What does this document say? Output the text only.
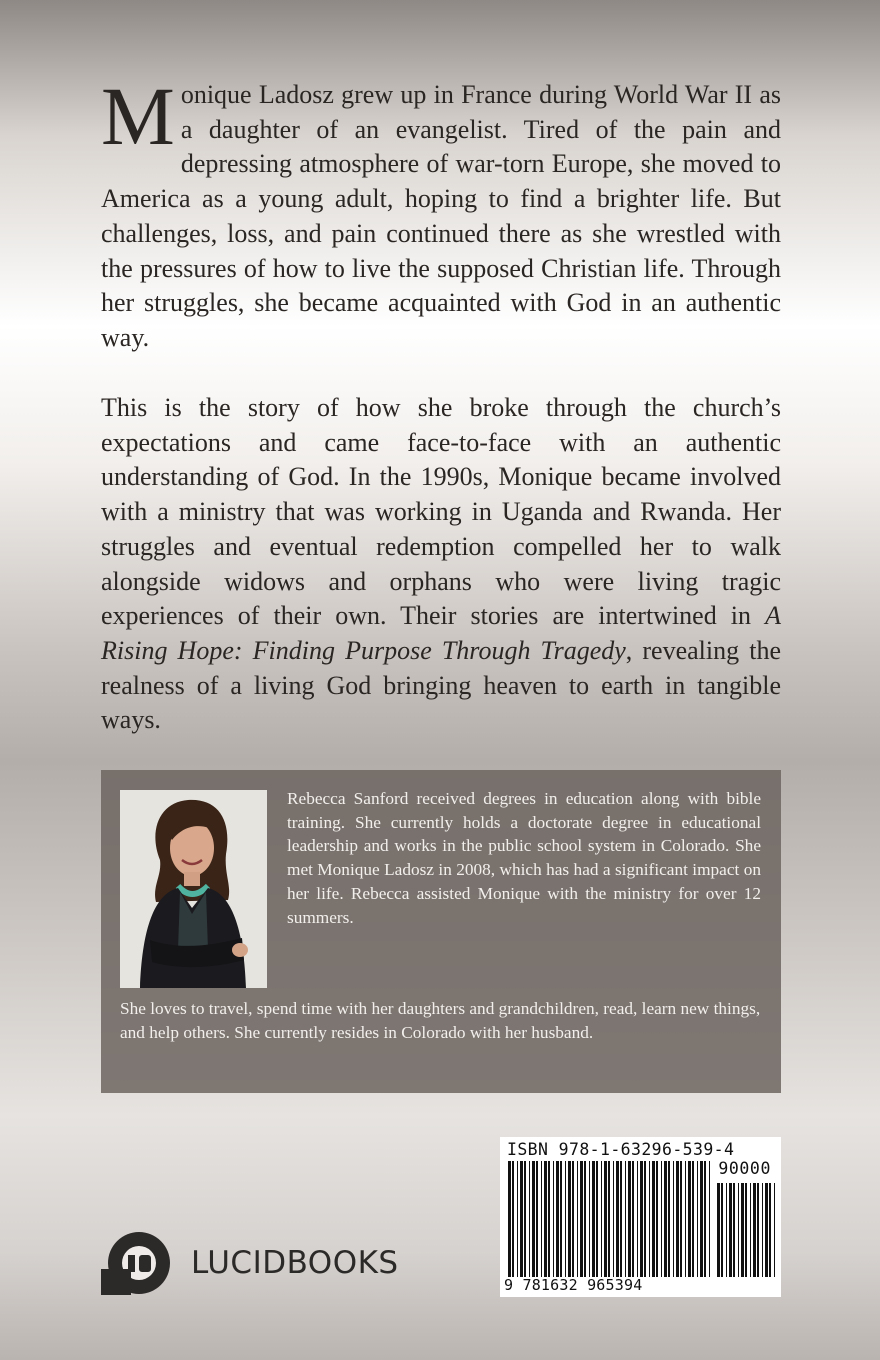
Monique Ladosz grew up in France during World War II as a daughter of an evangelist. Tired of the pain and depressing atmosphere of war-torn Europe, she moved to America as a young adult, hoping to find a brighter life. But challenges, loss, and pain continued there as she wrestled with the pressures of how to live the supposed Christian life. Through her struggles, she became acquainted with God in an authentic way.

This is the story of how she broke through the church’s expectations and came face-to-face with an authentic understanding of God. In the 1990s, Monique became involved with a ministry that was working in Uganda and Rwanda. Her struggles and eventual redemption compelled her to walk alongside widows and orphans who were living tragic experiences of their own. Their stories are intertwined in A Rising Hope: Finding Purpose Through Tragedy, revealing the realness of a living God bringing heaven to earth in tangible ways.

Rebecca Sanford received degrees in education along with bible training. She currently holds a doctorate degree in educational leadership and works in the public school system in Colorado. She met Monique Ladosz in 2008, which has had a significant impact on her life. Rebecca assisted Monique with the ministry for over 12 summers.

She loves to travel, spend time with her daughters and grandchildren, read, learn new things, and help others. She currently resides in Colorado with her husband.

LUCIDBOOKS

ISBN 978-1-63296-539-4

90000

9 781632 965394
